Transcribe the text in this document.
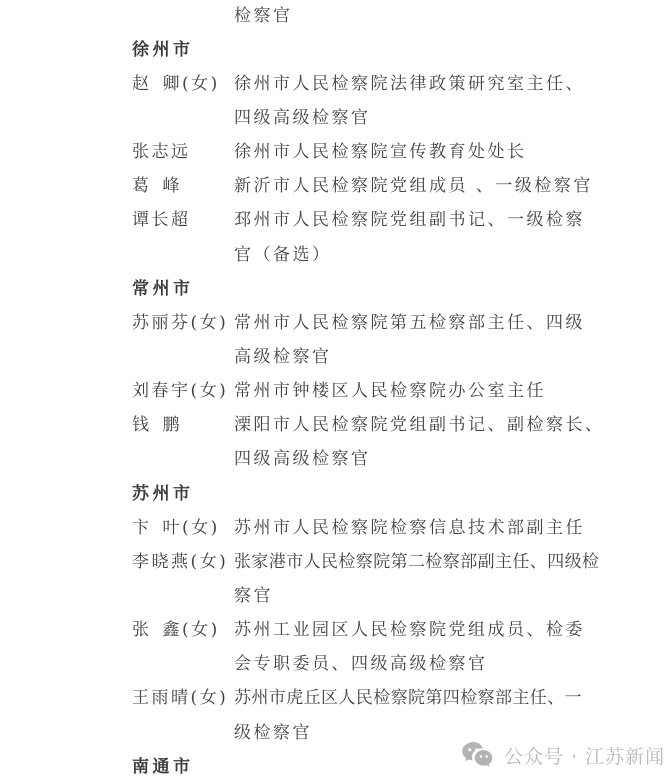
检察官
徐州市
赵 卿(女) 徐州市人民检察院法律政策研究室主任、
四级高级检察官
张志远	徐州市人民检察院宣传教育处处长
葛 峰	新沂市人民检察院党组成员 、一级检察官
谭长超	邳州市人民检察院党组副书记、一级检察
官（备选）
常州市
苏丽芬(女) 常州市人民检察院第五检察部主任、四级
高级检察官
刘春宇(女) 常州市钟楼区人民检察院办公室主任
钱 鹏	溧阳市人民检察院党组副书记、副检察长、
四级高级检察官
苏州市
卞 叶(女) 苏州市人民检察院检察信息技术部副主任
李晓燕(女) 张家港市人民检察院第二检察部副主任、四级检
察官
张 鑫(女) 苏州工业园区人民检察院党组成员、检委
会专职委员、四级高级检察官
王雨晴(女) 苏州市虎丘区人民检察院第四检察部主任、一
级检察官
南通市	公众号 · 江苏新闻
